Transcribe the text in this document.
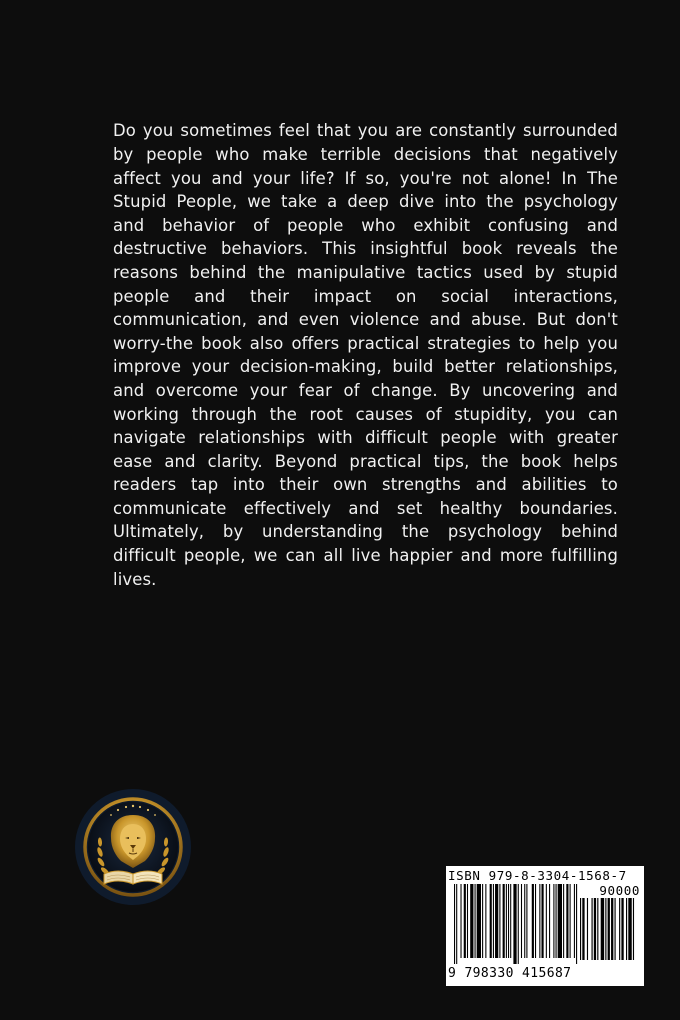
Do you sometimes feel that you are constantly surrounded by people who make terrible decisions that negatively affect you and your life? If so, you're not alone! In The Stupid People, we take a deep dive into the psychology and behavior of people who exhibit confusing and destructive behaviors. This insightful book reveals the reasons behind the manipulative tactics used by stupid people and their impact on social interactions, communication, and even violence and abuse. But don't worry-the book also offers practical strategies to help you improve your decision-making, build better relationships, and overcome your fear of change. By uncovering and working through the root causes of stupidity, you can navigate relationships with difficult people with greater ease and clarity. Beyond practical tips, the book helps readers tap into their own strengths and abilities to communicate effectively and set healthy boundaries. Ultimately, by understanding the psychology behind difficult people, we can all live happier and more fulfilling lives.

ISBN 979-8-3304-1568-7
90000
9 798330 415687
